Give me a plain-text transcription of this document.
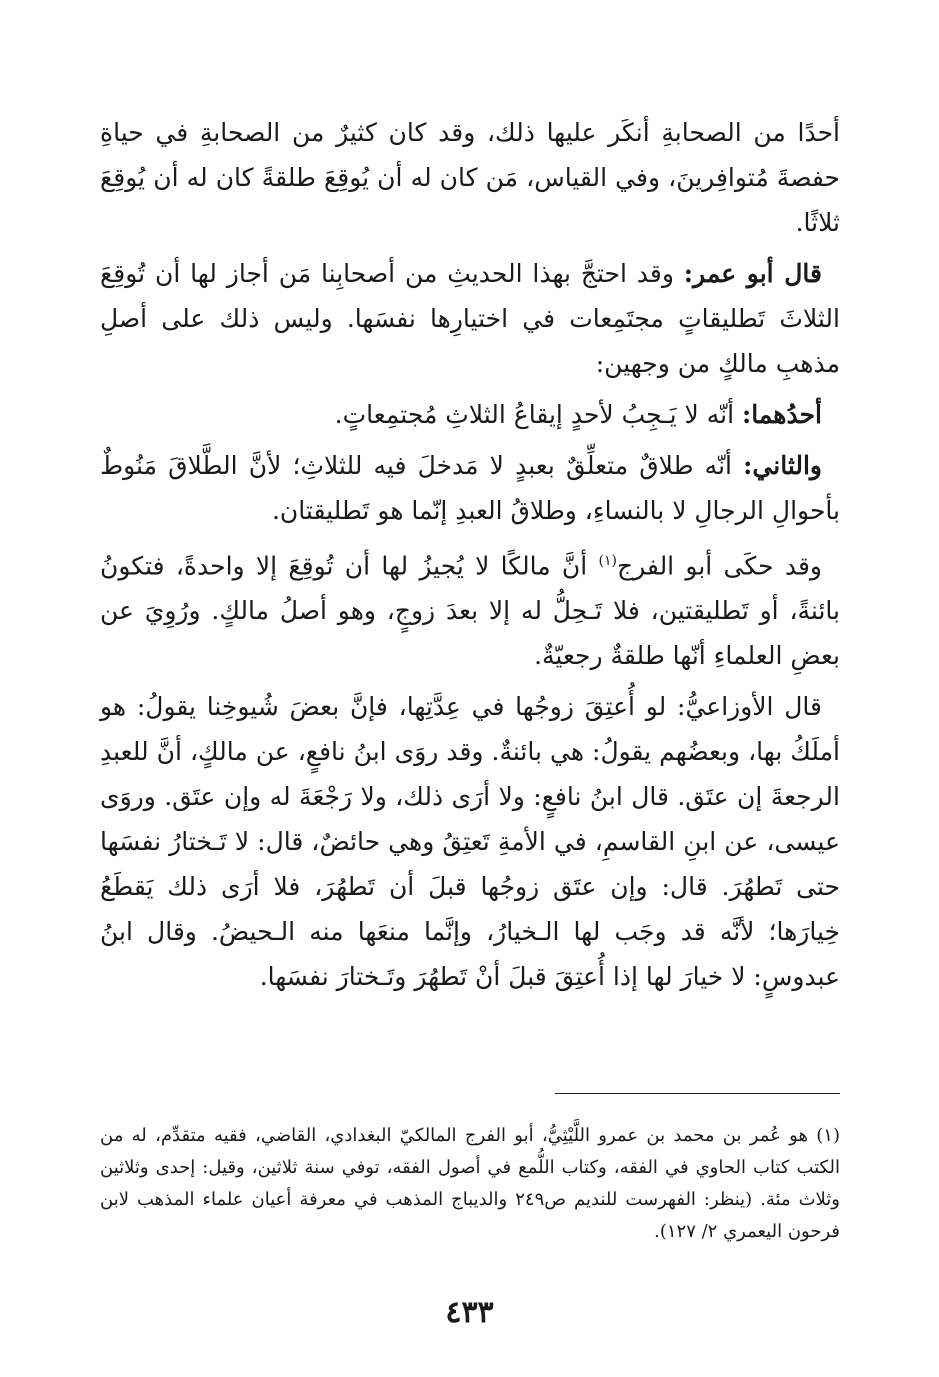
أحدًا من الصحابةِ أنكَر عليها ذلك، وقد كان كثيرٌ من الصحابةِ في حياةِ حفصةَ مُتوافِرينَ، وفي القياس، مَن كان له أن يُوقِعَ طلقةً كان له أن يُوقِعَ ثلاثًا.

قال أبو عمر: وقد احتجَّ بهذا الحديثِ من أصحابِنا مَن أجاز لها أن تُوقِعَ الثلاثَ تَطليقاتٍ مجتَمِعات في اختيارِها نفسَها. وليس ذلك على أصلِ مذهبِ مالكٍ من وجهين:

أحدُهما: أنّه لا يَـجِبُ لأحدٍ إيقاعُ الثلاثِ مُجتمِعاتٍ.

والثاني: أنّه طلاقٌ متعلِّقٌ بعبدٍ لا مَدخلَ فيه للثلاثِ؛ لأنَّ الطَّلاقَ مَنُوطٌ بأحوالِ الرجالِ لا بالنساءِ، وطلاقُ العبدِ إنّما هو تَطليقتان.

وقد حكَى أبو الفرج$^{(١)}$ أنَّ مالكًا لا يُجيزُ لها أن تُوقِعَ إلا واحدةً، فتكونُ بائنةً، أو تَطليقتين، فلا تَـحِلُّ له إلا بعدَ زوجٍ، وهو أصلُ مالكٍ. ورُوِيَ عن بعضِ العلماءِ أنّها طلقةٌ رجعيّةٌ.

قال الأوزاعيُّ: لو أُعتِقَ زوجُها في عِدَّتِها، فإنَّ بعضَ شُيوخِنا يقولُ: هو أملَكُ بها، وبعضُهم يقولُ: هي بائنةٌ. وقد روَى ابنُ نافعٍ، عن مالكٍ، أنَّ للعبدِ الرجعةَ إن عتَق. قال ابنُ نافعٍ: ولا أرَى ذلك، ولا رَجْعَةَ له وإن عتَق. وروَى عيسى، عن ابنِ القاسمِ، في الأمةِ تَعتِقُ وهي حائضٌ، قال: لا تَـختارُ نفسَها حتى تَطهُرَ. قال: وإن عتَق زوجُها قبلَ أن تَطهُرَ، فلا أرَى ذلك يَقطَعُ خِيارَها؛ لأنَّه قد وجَب لها الـخيارُ، وإنَّما منعَها منه الـحيضُ. وقال ابنُ عبدوسٍ: لا خيارَ لها إذا أُعتِقَ قبلَ أنْ تَطهُرَ وتَـختارَ نفسَها.

(١) هو عُمر بن محمد بن عمرو اللَّيْثِيُّ، أبو الفرج المالكيّ البغدادي، القاضي، فقيه متقدِّم، له من الكتب كتاب الحاوي في الفقه، وكتاب اللُّمع في أصول الفقه، توفي سنة ثلاثين، وقيل: إحدى وثلاثين وثلاث مئة. (ينظر: الفهرست للنديم ص٢٤٩ والديباج المذهب في معرفة أعيان علماء المذهب لابن فرحون اليعمري ٢/ ١٢٧).

٤٣٣
